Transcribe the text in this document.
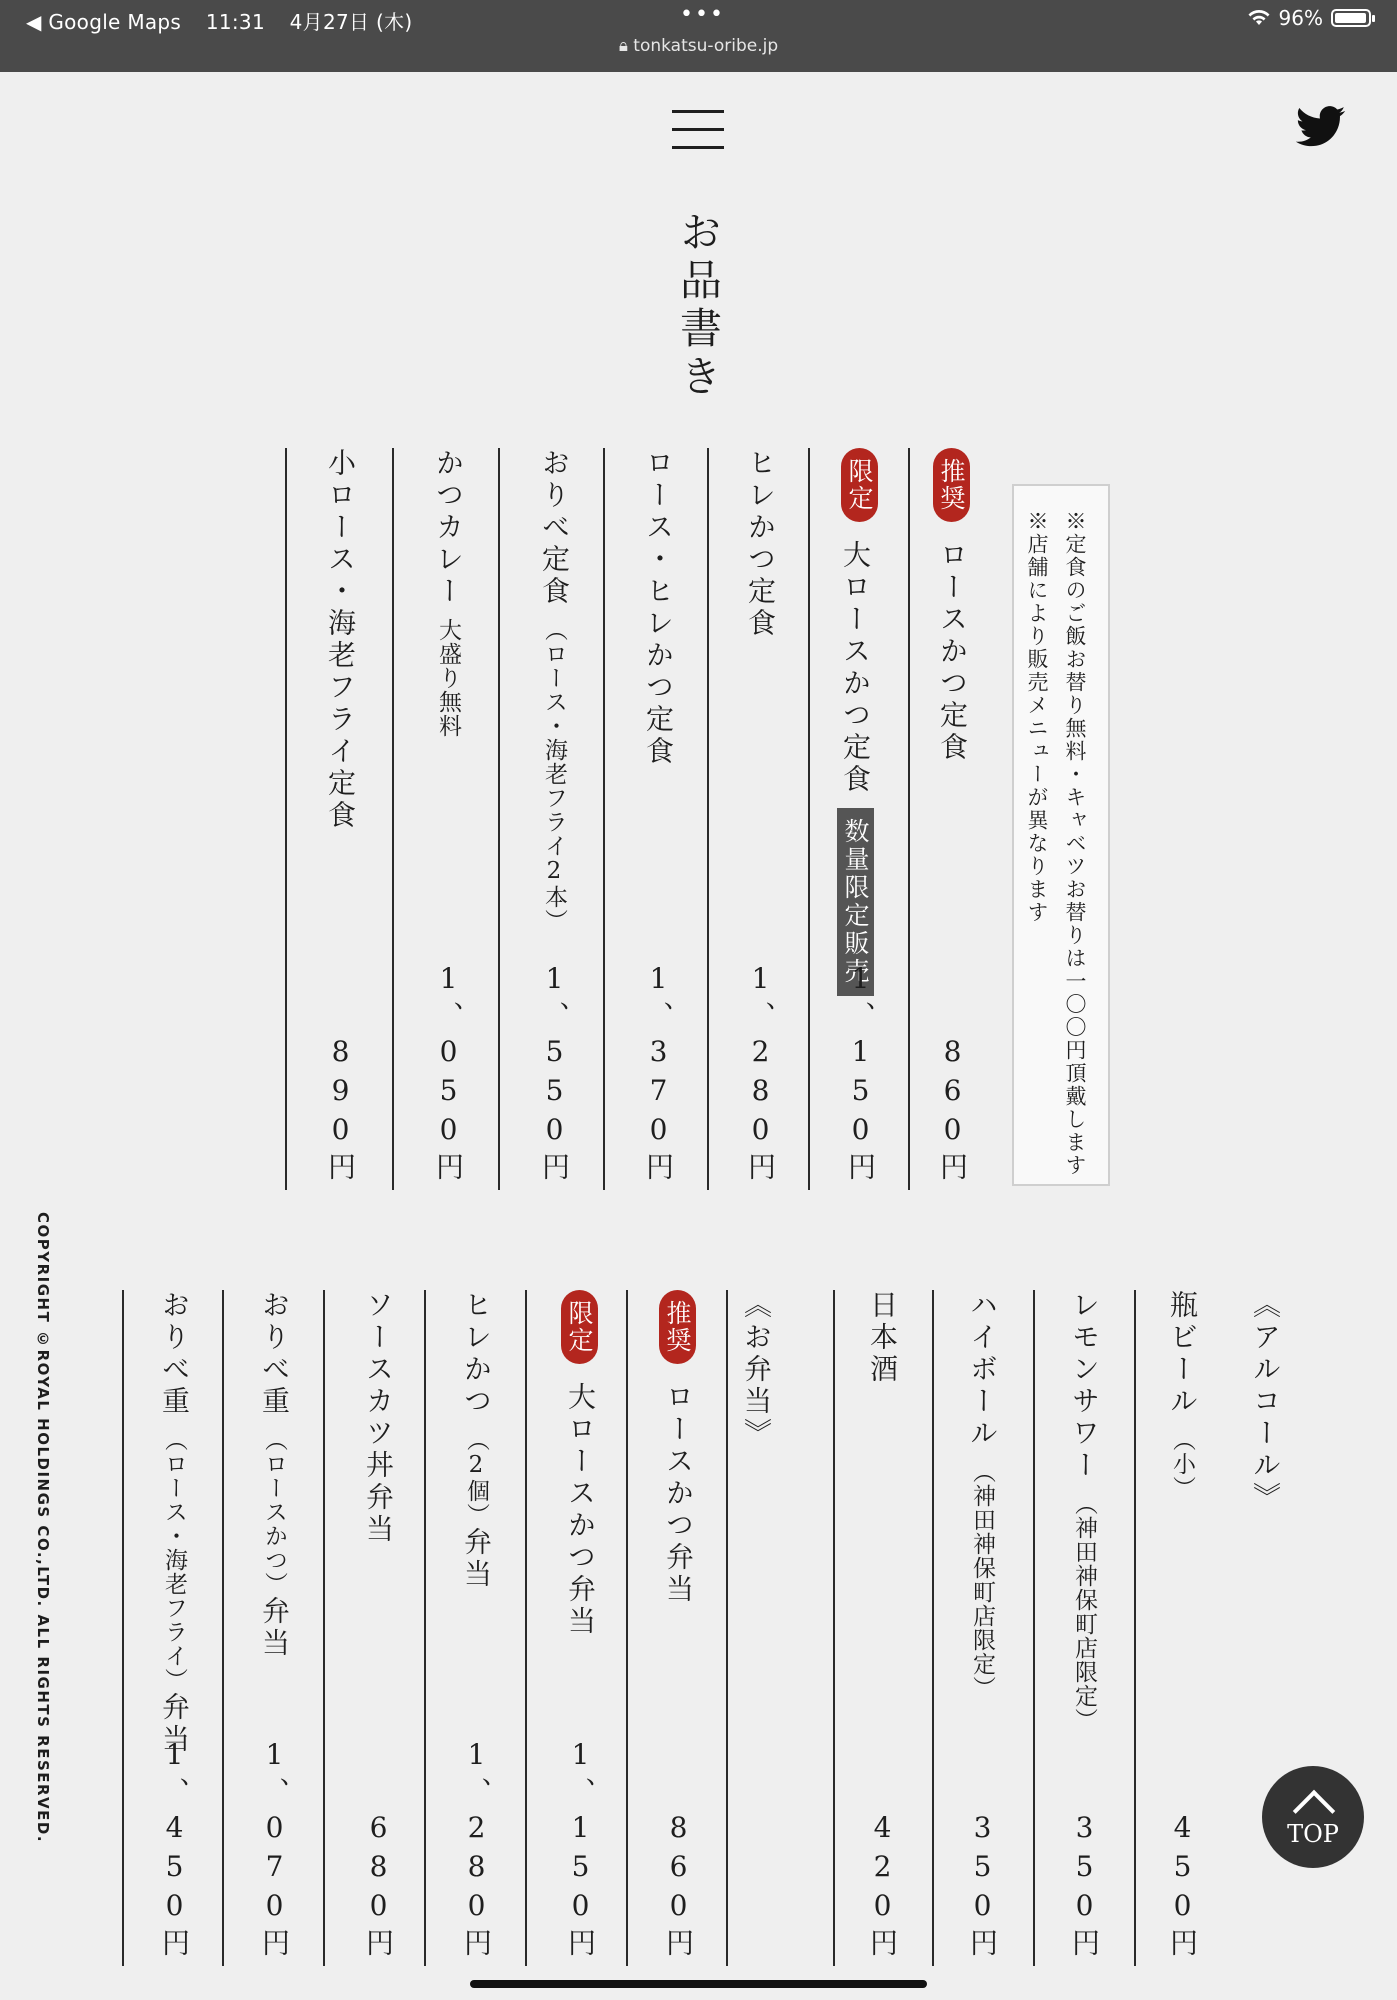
◀ Google Maps 11:31 4月27日 (木)	•••
🔒︎ tonkatsu-oribe.jp
96%
お品書き
推奨
ロースかつ定食
860円
限定
大ロースかつ定食数量限定販売
1、150円
ヒレかつ定食
1、280円
ロース・ヒレかつ定食
1、370円
おりべ定食（ロース・海老フライ2本）
1、550円
かつカレー大盛り無料
1、050円
小ロース・海老フライ定食
890円	※定食のご飯お替り無料・キャベツお替りは一〇〇円頂戴します
※店舗により販売メニューが異なります
《アルコール》
瓶ビール（小）
450円
レモンサワー（神田神保町店限定）
350円
ハイボール（神田神保町店限定）
350円
日本酒
420円
《お弁当》
推奨
ロースかつ弁当
860円
限定
大ロースかつ弁当
1、150円
ヒレかつ（2個）弁当
1、280円
ソースカツ丼弁当
680円
おりべ重（ロースかつ）弁当
1、070円
おりべ重（ロース・海老フライ）弁当
1、450円
COPYRIGHT ©ROYAL HOLDINGS CO.,LTD. ALL RIGHTS RESERVED.	TOP
